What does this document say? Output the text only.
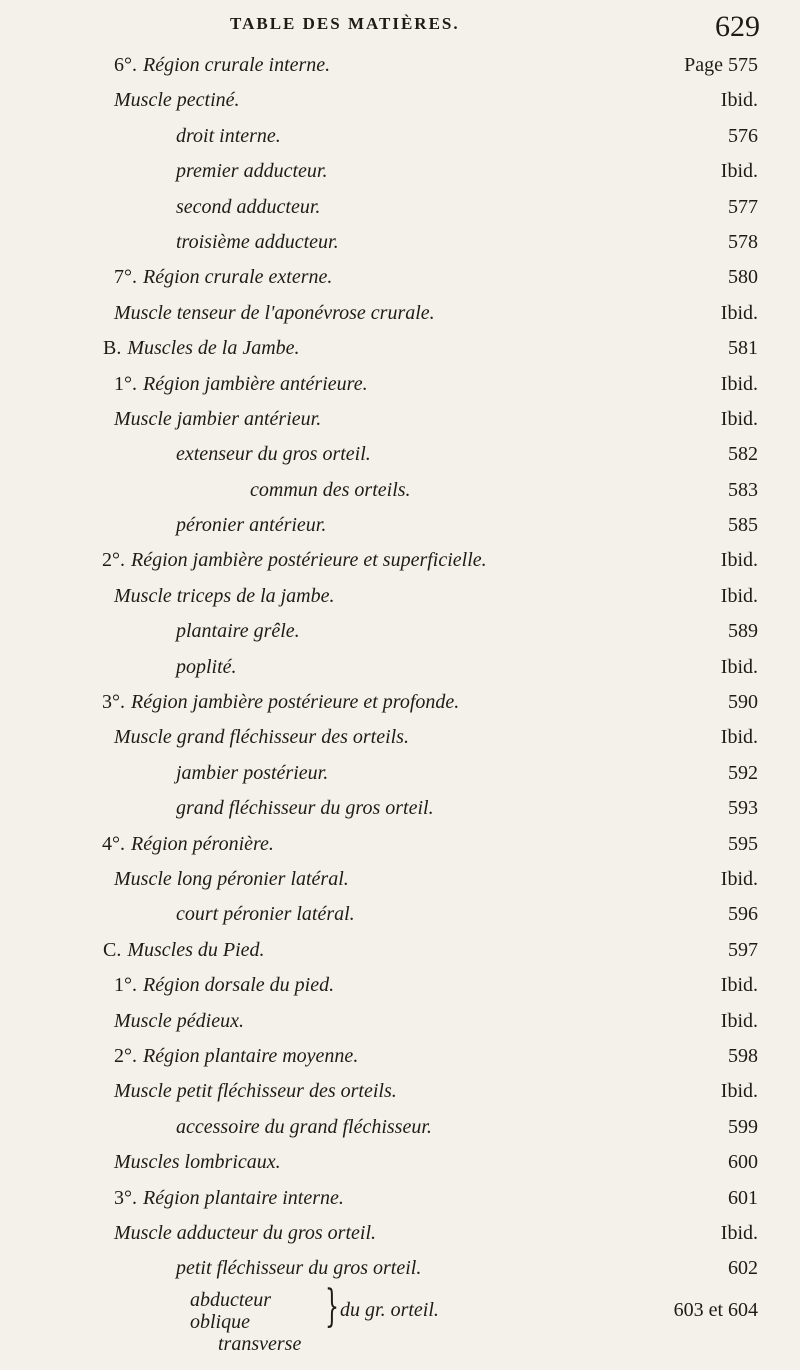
TABLE DES MATIÈRES.	629
6°. Région crurale interne.	Page 575
Muscle pectiné.	Ibid.
droit interne.	576
premier adducteur.	Ibid.
second adducteur.	577
troisième adducteur.	578
7°. Région crurale externe.	580
Muscle tenseur de l'aponévrose crurale.	Ibid.
B. Muscles de la Jambe.	581
1°. Région jambière antérieure.	Ibid.
Muscle jambier antérieur.	Ibid.
extenseur du gros orteil.	582
commun des orteils.	583
péronier antérieur.	585
2°. Région jambière postérieure et superficielle.	Ibid.
Muscle triceps de la jambe.	Ibid.
plantaire grêle.	589
poplité.	Ibid.
3°. Région jambière postérieure et profonde.	590
Muscle grand fléchisseur des orteils.	Ibid.
jambier postérieur.	592
grand fléchisseur du gros orteil.	593
4°. Région péronière.	595
Muscle long péronier latéral.	Ibid.
court péronier latéral.	596
C. Muscles du Pied.	597
1°. Région dorsale du pied.	Ibid.
Muscle pédieux.	Ibid.
2°. Région plantaire moyenne.	598
Muscle petit fléchisseur des orteils.	Ibid.
accessoire du grand fléchisseur.	599
Muscles lombricaux.	600
3°. Région plantaire interne.	601
Muscle adducteur du gros orteil.	Ibid.
petit fléchisseur du gros orteil.	602
abducteur oblique
transverse
} du gr. orteil.	603 et 604
